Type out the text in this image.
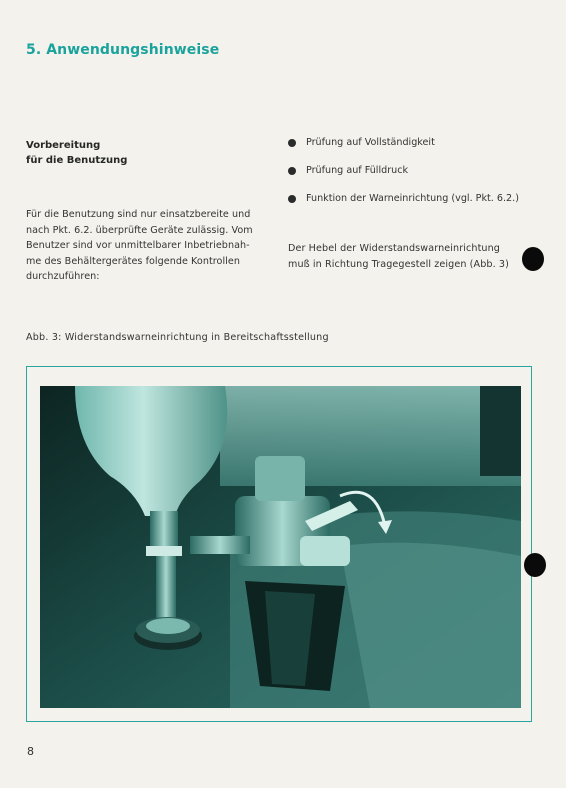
5. Anwendungshinweise
Vorbereitung
für die Benutzung
Für die Benutzung sind nur einsatzbereite und
nach Pkt. 6.2. überprüfte Geräte zulässig. Vom
Benutzer sind vor unmittelbarer Inbetriebnah-
me des Behältergerätes folgende Kontrollen
durchzuführen:
Prüfung auf Vollständigkeit
Prüfung auf Fülldruck
Funktion der Warneinrichtung (vgl. Pkt. 6.2.)
Der Hebel der Widerstandswarneinrichtung
muß in Richtung Tragegestell zeigen (Abb. 3)
Abb. 3: Widerstandswarneinrichtung in Bereitschaftsstellung
8
